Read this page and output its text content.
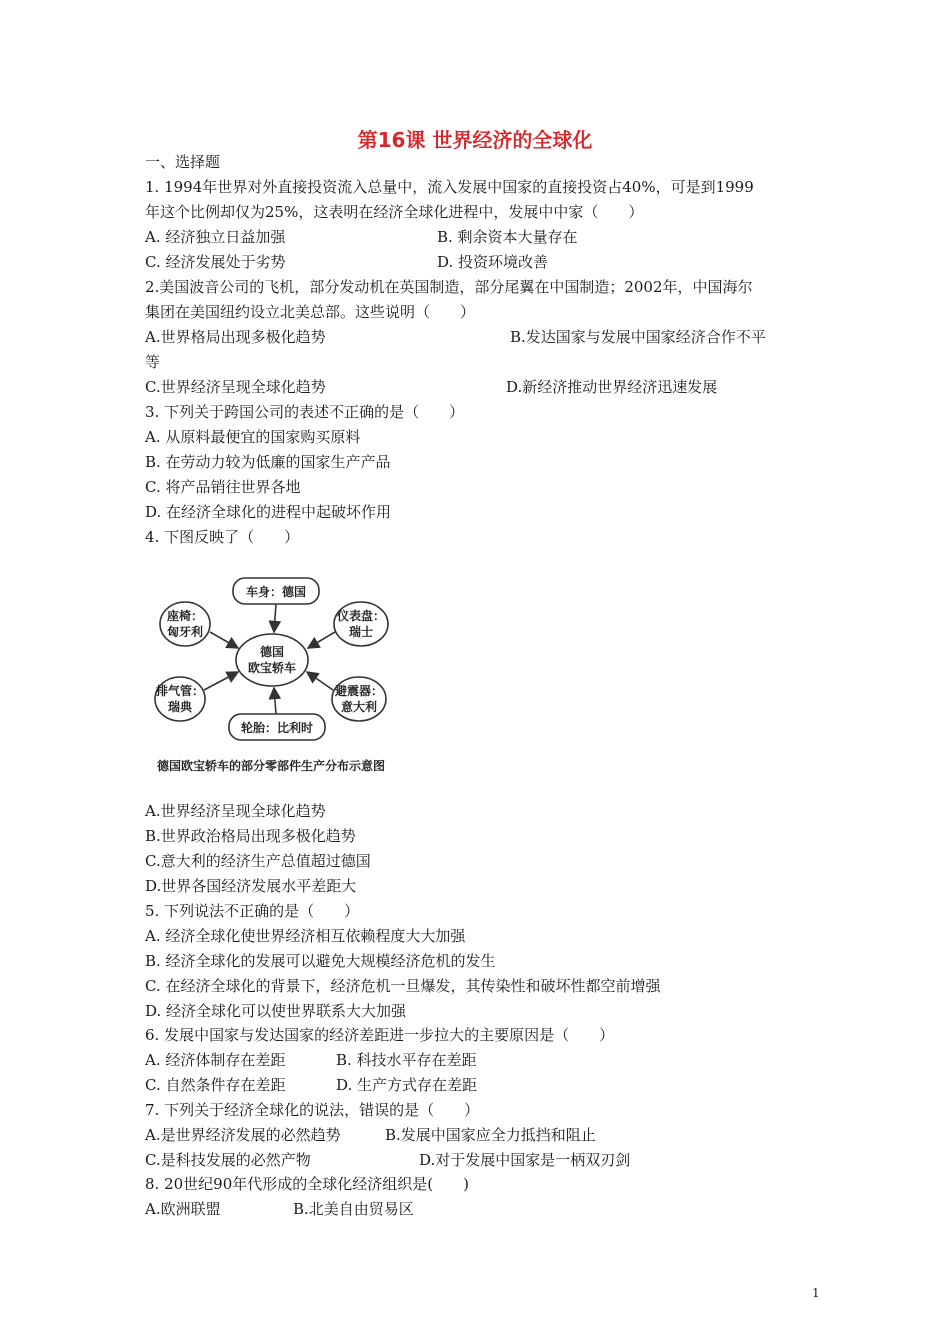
第16课 世界经济的全球化
一、选择题
1. 1994年世界对外直接投资流入总量中，流入发展中国家的直接投资占40%，可是到1999
年这个比例却仅为25%，这表明在经济全球化进程中，发展中中家（　　）
A. 经济独立日益加强	B. 剩余资本大量存在
C. 经济发展处于劣势	D. 投资环境改善
2.美国波音公司的飞机，部分发动机在英国制造，部分尾翼在中国制造；2002年，中国海尔
集团在美国纽约设立北美总部。这些说明（　　）
A.世界格局出现多极化趋势	B.发达国家与发展中国家经济合作不平
等
C.世界经济呈现全球化趋势	D.新经济推动世界经济迅速发展
3. 下列关于跨国公司的表述不正确的是（　　）
A. 从原料最便宜的国家购买原料
B. 在劳动力较为低廉的国家生产产品
C. 将产品销往世界各地
D. 在经济全球化的进程中起破坏作用
4. 下图反映了（　　）
德国
欧宝轿车
车身：德国
轮胎：比利时
座椅：
匈牙利
仪表盘：
瑞士
排气管：
瑞典
避震器：
意大利
德国欧宝轿车的部分零部件生产分布示意图
A.世界经济呈现全球化趋势
B.世界政治格局出现多极化趋势
C.意大利的经济生产总值超过德国
D.世界各国经济发展水平差距大
5. 下列说法不正确的是（　　）
A. 经济全球化使世界经济相互依赖程度大大加强
B. 经济全球化的发展可以避免大规模经济危机的发生
C. 在经济全球化的背景下，经济危机一旦爆发，其传染性和破坏性都空前增强
D. 经济全球化可以使世界联系大大加强
6. 发展中国家与发达国家的经济差距进一步拉大的主要原因是（　　）
A. 经济体制存在差距	B. 科技水平存在差距
C. 自然条件存在差距	D. 生产方式存在差距
7. 下列关于经济全球化的说法，错误的是（　　）
A.是世界经济发展的必然趋势	B.发展中国家应全力抵挡和阻止
C.是科技发展的必然产物	D.对于发展中国家是一柄双刃剑
8. 20世纪90年代形成的全球化经济组织是(　　)
A.欧洲联盟	B.北美自由贸易区
1
